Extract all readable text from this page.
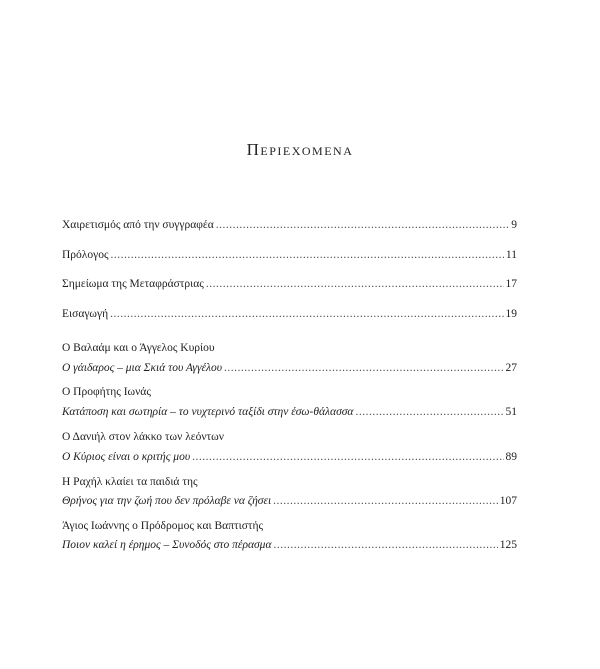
Περιεχομενα
Χαιρετισμός από την συγγραφέα .....	9
Πρόλογος .....	11
Σημείωμα της Μεταφράστριας .....	17
Εισαγωγή .....	19
Ο Βαλαάμ και ο Άγγελος Κυρίου
Ο γάιδαρος – μια Σκιά του Αγγέλου .....	27
Ο Προφήτης Ιωνάς
Κατάποση και σωτηρία – το νυχτερινό ταξίδι στην έσω-θάλασσα .....	51
Ο Δανιήλ στον λάκκο των λεόντων
Ο Κύριος είναι ο κριτής μου .....	89
Η Ραχήλ κλαίει τα παιδιά της
Θρήνος για την ζωή που δεν πρόλαβε να ζήσει .....	107
Άγιος Ιωάννης ο Πρόδρομος και Βαπτιστής
Ποιον καλεί η έρημος – Συνοδός στο πέρασμα .....	125
